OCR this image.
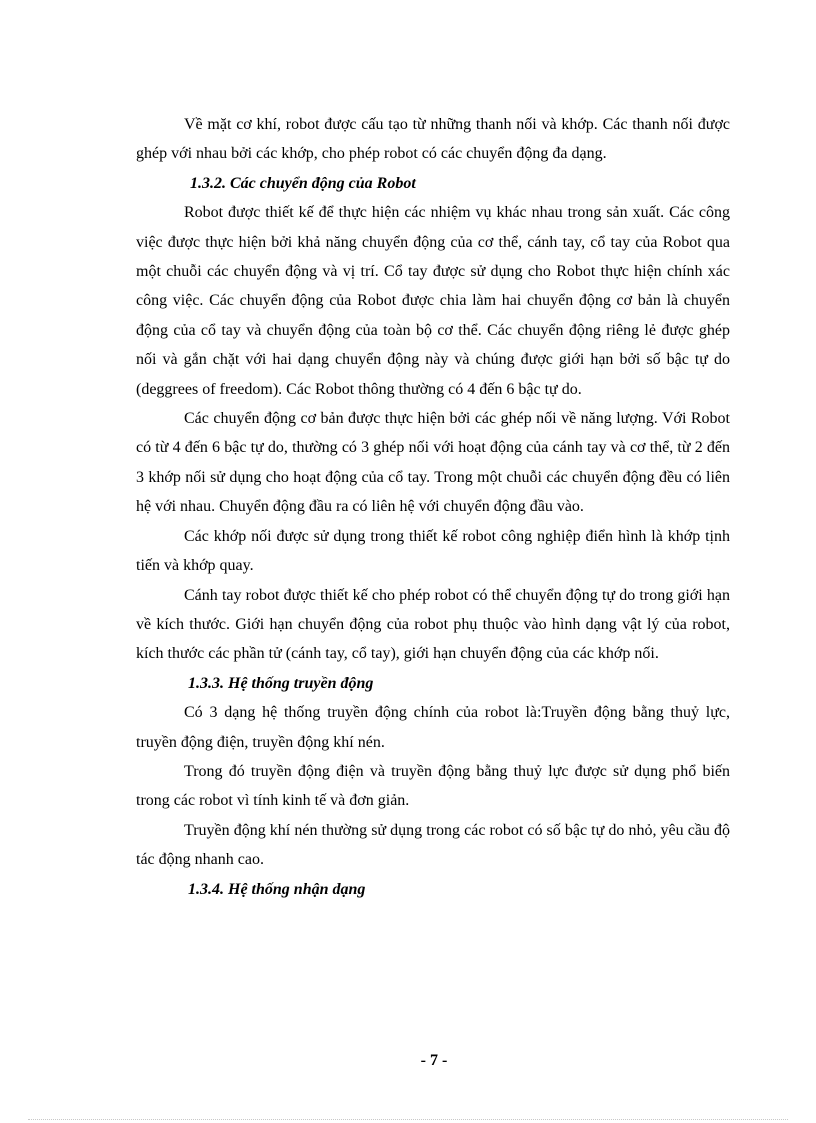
Về mặt cơ khí, robot được cấu tạo từ những thanh nối và khớp. Các thanh nối được ghép với nhau bởi các khớp, cho phép robot có các chuyển động đa dạng.

1.3.2. Các chuyển động của Robot

Robot được thiết kế để thực hiện các nhiệm vụ khác nhau trong sản xuất. Các công việc được thực hiện bởi khả năng chuyển động của cơ thể, cánh tay, cổ tay của Robot qua một chuỗi các chuyển động và vị trí. Cổ tay được sử dụng cho Robot thực hiện chính xác công việc. Các chuyển động của Robot được chia làm hai chuyển động cơ bản là chuyển động của cổ tay và chuyển động của toàn bộ cơ thể. Các chuyển động riêng lẻ được ghép nối và gắn chặt với hai dạng chuyển động này và chúng được giới hạn bởi số bậc tự do (deggrees of freedom). Các Robot thông thường có 4 đến 6 bậc tự do.

Các chuyển động cơ bản được thực hiện bởi các ghép nối về năng lượng. Với Robot có từ 4 đến 6 bậc tự do, thường có 3 ghép nối với hoạt động của cánh tay và cơ thể, từ 2 đến 3 khớp nối sử dụng cho hoạt động của cổ tay. Trong một chuỗi các chuyển động đều có liên hệ với nhau. Chuyển động đầu ra có liên hệ với chuyển động đầu vào.

Các khớp nối được sử dụng trong thiết kế robot công nghiệp điển hình là khớp tịnh tiến và khớp quay.

Cánh tay robot được thiết kế cho phép robot có thể chuyển động tự do trong giới hạn về kích thước. Giới hạn chuyển động của robot phụ thuộc vào hình dạng vật lý của robot, kích thước các phần tử (cánh tay, cổ tay), giới hạn chuyển động của các khớp nối.

1.3.3. Hệ thống truyền động

Có 3 dạng hệ thống truyền động chính của robot là:Truyền động bằng thuỷ lực, truyền động điện, truyền động khí nén.

Trong đó truyền động điện và truyền động bằng thuỷ lực được sử dụng phổ biến trong các robot vì tính kinh tế và đơn giản.

Truyền động khí nén thường sử dụng trong các robot có số bậc tự do nhỏ, yêu cầu độ tác động nhanh cao.

1.3.4. Hệ thống nhận dạng

- 7 -
